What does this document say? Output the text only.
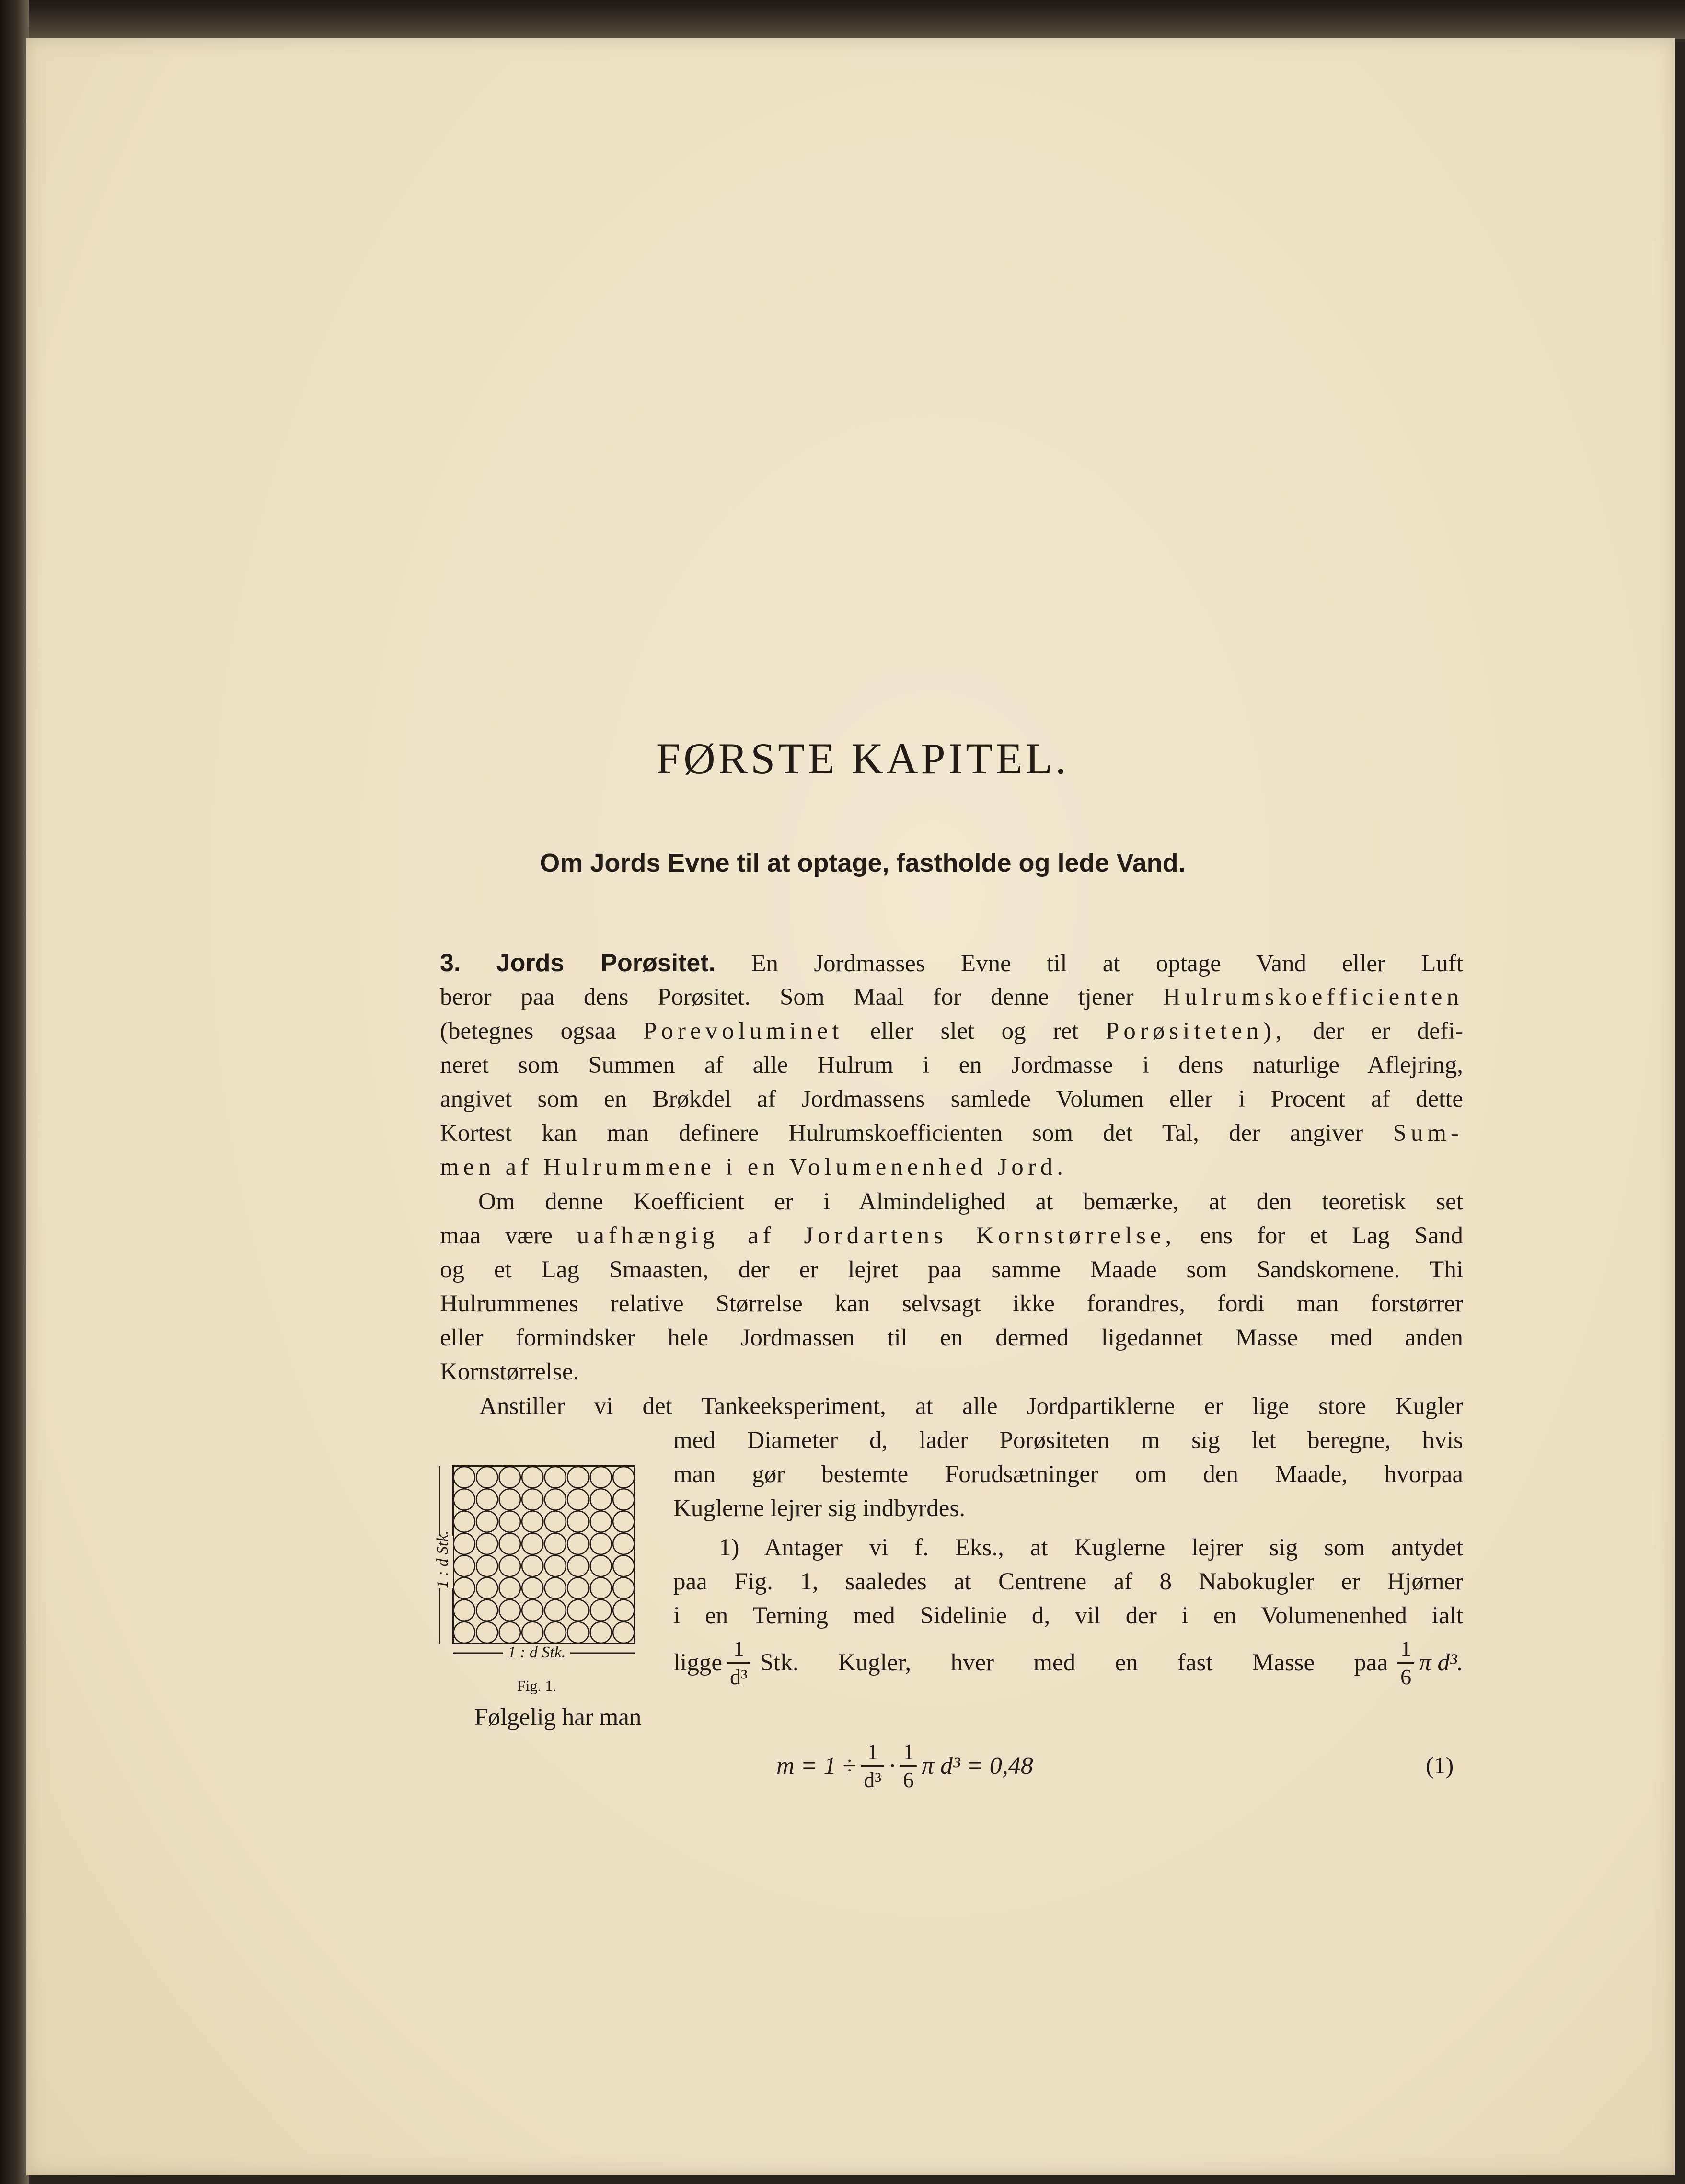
FØRSTE KAPITEL.
Om Jords Evne til at optage, fastholde og lede Vand.
3. Jords Porøsitet. En Jordmasses Evne til at optage Vand eller Luft
beror paa dens Porøsitet. Som Maal for denne tjener Hulrumskoefficienten
(betegnes ogsaa Porevoluminet eller slet og ret Porøsiteten), der er defi-
neret som Summen af alle Hulrum i en Jordmasse i dens naturlige Aflejring,
angivet som en Brøkdel af Jordmassens samlede Volumen eller i Procent af dette
Kortest kan man definere Hulrumskoefficienten som det Tal, der angiver Sum-
men af Hulrummene i en Volumenenhed Jord.
Om denne Koefficient er i Almindelighed at bemærke, at den teoretisk set
maa være uafhængig af Jordartens Kornstørrelse, ens for et Lag Sand
og et Lag Smaasten, der er lejret paa samme Maade som Sandskornene. Thi
Hulrummenes relative Størrelse kan selvsagt ikke forandres, fordi man forstørrer
eller formindsker hele Jordmassen til en dermed ligedannet Masse med anden
Kornstørrelse.
Anstiller vi det Tankeeksperiment, at alle Jordpartiklerne er lige store Kugler
med Diameter d, lader Porøsiteten m sig let beregne, hvis
man gør bestemte Forudsætninger om den Maade, hvorpaa
Kuglerne lejrer sig indbyrdes.
1) Antager vi f. Eks., at Kuglerne lejrer sig som antydet
paa Fig. 1, saaledes at Centrene af 8 Nabokugler er Hjørner
i en Terning med Sidelinie d, vil der i en Volumenenhed ialt
ligge $\frac{1}{\text{d³}}$ Stk. Kugler, hver med en fast Masse paa $\frac{1}{6}$ π d³.
1 : d Stk.
1 : d Stk.
Fig. 1.
Følgelig har man
$m = 1 \div \frac{1}{\text{d³}} \cdot \frac{1}{6}$ π d³ = 0,48	(1)
